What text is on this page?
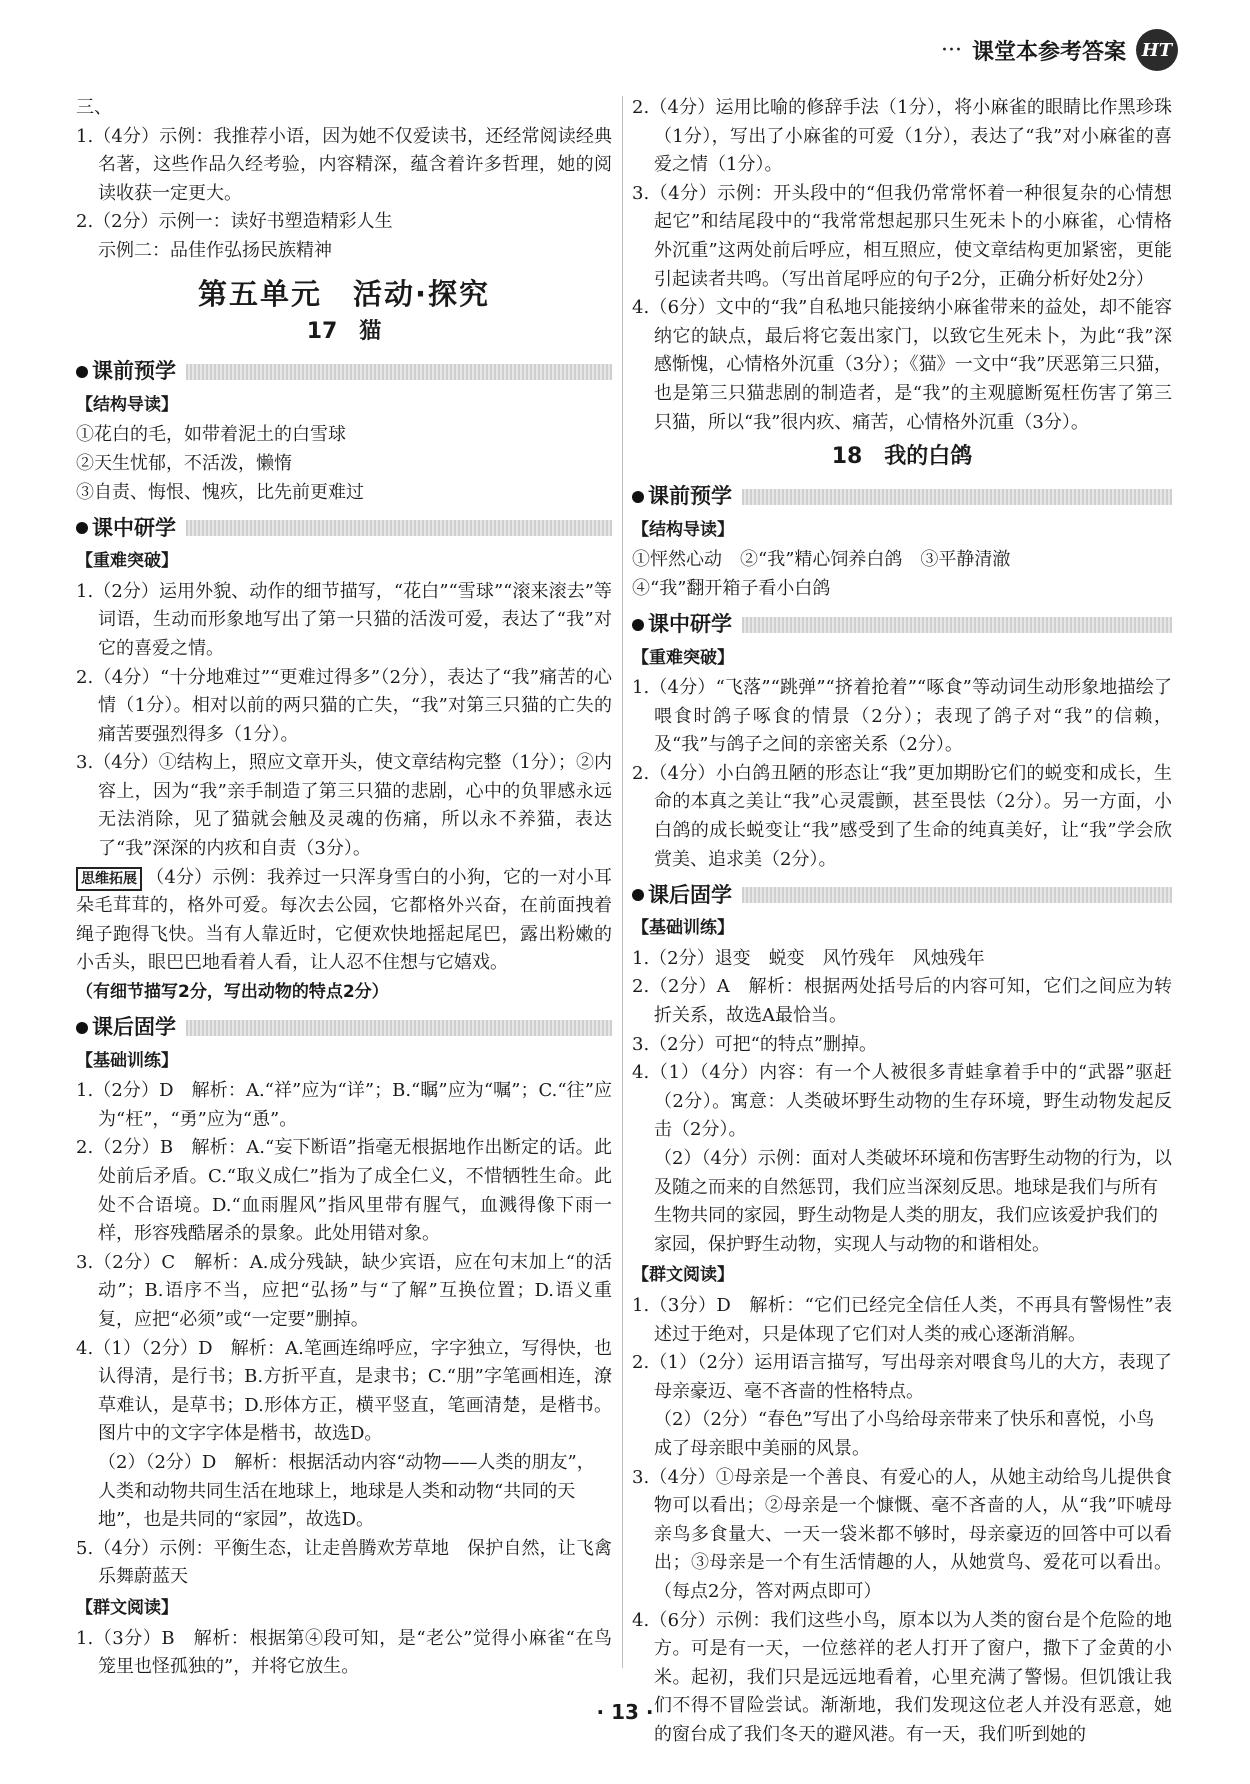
··· 课堂本参考答案 HT

三、

1.（4分）示例：我推荐小语，因为她不仅爱读书，还经常阅读经典名著，这些作品久经考验，内容精深，蕴含着许多哲理，她的阅读收获一定更大。

2.（2分）示例一：读好书塑造精彩人生

示例二：品佳作弘扬民族精神

第五单元　活动·探究
17　猫
课前预学
【结构导读】

①花白的毛，如带着泥土的白雪球

②天生忧郁，不活泼，懒惰

③自责、悔恨、愧疚，比先前更难过

课中研学
【重难突破】

1.（2分）运用外貌、动作的细节描写，“花白”“雪球”“滚来滚去”等词语，生动而形象地写出了第一只猫的活泼可爱，表达了“我”对它的喜爱之情。

2.（4分）“十分地难过”“更难过得多”（2分），表达了“我”痛苦的心情（1分）。相对以前的两只猫的亡失，“我”对第三只猫的亡失的痛苦要强烈得多（1分）。

3.（4分）①结构上，照应文章开头，使文章结构完整（1分）；②内容上，因为“我”亲手制造了第三只猫的悲剧，心中的负罪感永远无法消除，见了猫就会触及灵魂的伤痛，所以永不养猫，表达了“我”深深的内疚和自责（3分）。

思维拓展 （4分）示例：我养过一只浑身雪白的小狗，它的一对小耳朵毛茸茸的，格外可爱。每次去公园，它都格外兴奋，在前面拽着绳子跑得飞快。当有人靠近时，它便欢快地摇起尾巴，露出粉嫩的小舌头，眼巴巴地看着人看，让人忍不住想与它嬉戏。

（有细节描写2分，写出动物的特点2分）

课后固学
【基础训练】

1.（2分）D　解析：A.“祥”应为“详”；B.“瞩”应为“嘱”；C.“往”应为“枉”，“勇”应为“恿”。

2.（2分）B　解析：A.“妄下断语”指毫无根据地作出断定的话。此处前后矛盾。C.“取义成仁”指为了成全仁义，不惜牺牲生命。此处不合语境。D.“血雨腥风”指风里带有腥气，血溅得像下雨一样，形容残酷屠杀的景象。此处用错对象。

3.（2分）C　解析：A.成分残缺，缺少宾语，应在句末加上“的活动”；B.语序不当，应把“弘扬”与“了解”互换位置；D.语义重复，应把“必须”或“一定要”删掉。

4.（1）（2分）D　解析：A.笔画连绵呼应，字字独立，写得快，也认得清，是行书；B.方折平直，是隶书；C.“朋”字笔画相连，潦草难认，是草书；D.形体方正，横平竖直，笔画清楚，是楷书。图片中的文字字体是楷书，故选D。

（2）（2分）D　解析：根据活动内容“动物——人类的朋友”，人类和动物共同生活在地球上，地球是人类和动物“共同的天地”，也是共同的“家园”，故选D。

5.（4分）示例：平衡生态，让走兽腾欢芳草地　保护自然，让飞禽乐舞蔚蓝天

【群文阅读】

1.（3分）B　解析：根据第④段可知，是“老公”觉得小麻雀“在鸟笼里也怪孤独的”，并将它放生。

2.（4分）运用比喻的修辞手法（1分），将小麻雀的眼睛比作黑珍珠（1分），写出了小麻雀的可爱（1分），表达了“我”对小麻雀的喜爱之情（1分）。

3.（4分）示例：开头段中的“但我仍常常怀着一种很复杂的心情想起它”和结尾段中的“我常常想起那只生死未卜的小麻雀，心情格外沉重”这两处前后呼应，相互照应，使文章结构更加紧密，更能引起读者共鸣。（写出首尾呼应的句子2分，正确分析好处2分）

4.（6分）文中的“我”自私地只能接纳小麻雀带来的益处，却不能容纳它的缺点，最后将它轰出家门，以致它生死未卜，为此“我”深感惭愧，心情格外沉重（3分）；《猫》一文中“我”厌恶第三只猫，也是第三只猫悲剧的制造者，是“我”的主观臆断冤枉伤害了第三只猫，所以“我”很内疚、痛苦，心情格外沉重（3分）。

18　我的白鸽
课前预学
【结构导读】

①怦然心动　②“我”精心饲养白鸽　③平静清澈

④“我”翻开箱子看小白鸽

课中研学
【重难突破】

1.（4分）“飞落”“跳弹”“挤着抢着”“啄食”等动词生动形象地描绘了喂食时鸽子啄食的情景（2分）；表现了鸽子对“我”的信赖，及“我”与鸽子之间的亲密关系（2分）。

2.（4分）小白鸽丑陋的形态让“我”更加期盼它们的蜕变和成长，生命的本真之美让“我”心灵震颤，甚至畏怯（2分）。另一方面，小白鸽的成长蜕变让“我”感受到了生命的纯真美好，让“我”学会欣赏美、追求美（2分）。

课后固学
【基础训练】

1.（2分）退变　蜕变　风竹残年　风烛残年

2.（2分）A　解析：根据两处括号后的内容可知，它们之间应为转折关系，故选A最恰当。

3.（2分）可把“的特点”删掉。

4.（1）（4分）内容：有一个人被很多青蛙拿着手中的“武器”驱赶（2分）。寓意：人类破坏野生动物的生存环境，野生动物发起反击（2分）。

（2）（4分）示例：面对人类破坏环境和伤害野生动物的行为，以及随之而来的自然惩罚，我们应当深刻反思。地球是我们与所有生物共同的家园，野生动物是人类的朋友，我们应该爱护我们的家园，保护野生动物，实现人与动物的和谐相处。

【群文阅读】

1.（3分）D　解析：“它们已经完全信任人类，不再具有警惕性”表述过于绝对，只是体现了它们对人类的戒心逐渐消解。

2.（1）（2分）运用语言描写，写出母亲对喂食鸟儿的大方，表现了母亲豪迈、毫不吝啬的性格特点。

（2）（2分）“春色”写出了小鸟给母亲带来了快乐和喜悦，小鸟成了母亲眼中美丽的风景。

3.（4分）①母亲是一个善良、有爱心的人，从她主动给鸟儿提供食物可以看出；②母亲是一个慷慨、毫不吝啬的人，从“我”吓唬母亲鸟多食量大、一天一袋米都不够时，母亲豪迈的回答中可以看出；③母亲是一个有生活情趣的人，从她赏鸟、爱花可以看出。（每点2分，答对两点即可）

4.（6分）示例：我们这些小鸟，原本以为人类的窗台是个危险的地方。可是有一天，一位慈祥的老人打开了窗户，撒下了金黄的小米。起初，我们只是远远地看着，心里充满了警惕。但饥饿让我们不得不冒险尝试。渐渐地，我们发现这位老人并没有恶意，她的窗台成了我们冬天的避风港。有一天，我们听到她的

· 13 ·
